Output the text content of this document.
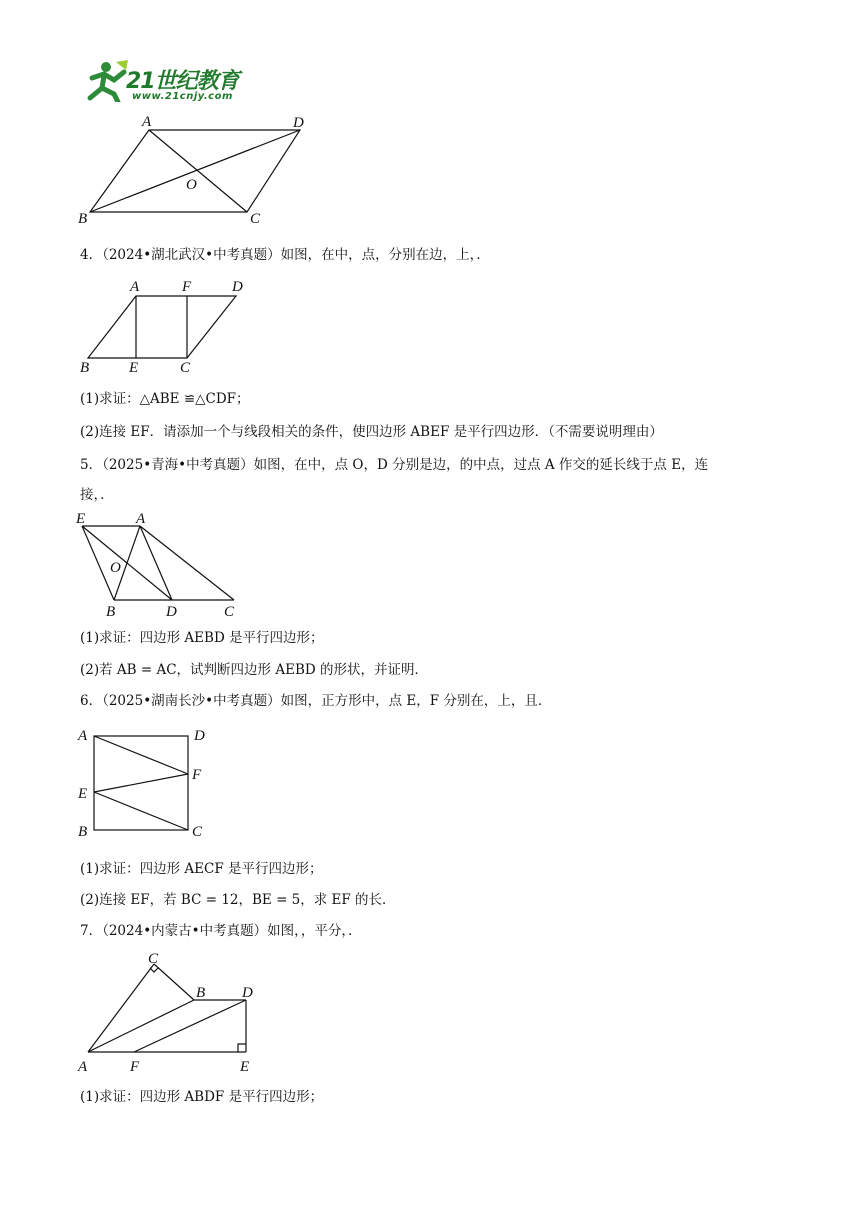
21世纪教育
www.21cnjy.com
A	D
O
B	C
4．（2024•湖北武汉•中考真题）如图，在中，点，分别在边，上，．
A	F	D
B	E	C
(1)求证：△ABE ≌△CDF；
(2)连接 EF．请添加一个与线段相关的条件，使四边形 ABEF 是平行四边形．（不需要说明理由）
5．（2025•青海•中考真题）如图，在中，点 O，D 分别是边，的中点，过点 A 作交的延长线于点 E，连
接，．
E	A
O
B	D	C
(1)求证：四边形 AEBD 是平行四边形；
(2)若 AB = AC，试判断四边形 AEBD 的形状，并证明．
6．（2025•湖南长沙•中考真题）如图，正方形中，点 E，F 分别在，上，且．
A	D
F
E
B	C
(1)求证：四边形 AECF 是平行四边形；
(2)连接 EF，若 BC = 12，BE = 5，求 EF 的长．
7．（2024•内蒙古•中考真题）如图，，平分，．
C
B D
A	F	E
(1)求证：四边形 ABDF 是平行四边形；
